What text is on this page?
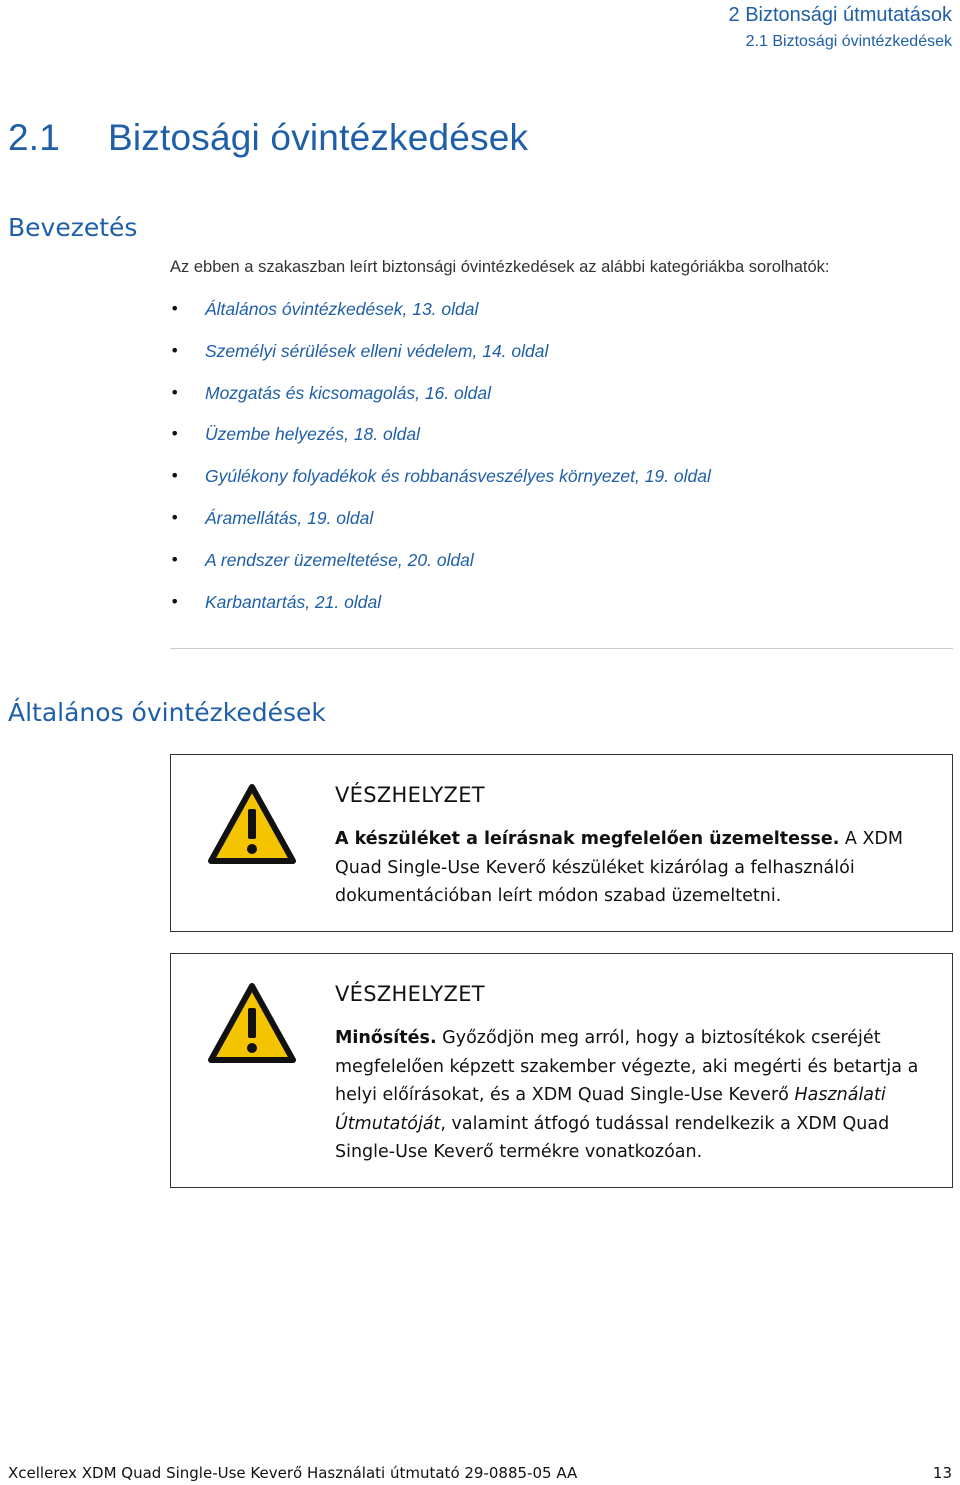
2 Biztonsági útmutatások
2.1 Biztosági óvintézkedések
2.1 Biztosági óvintézkedések
Bevezetés
Az ebben a szakaszban leírt biztonsági óvintézkedések az alábbi kategóriákba sorolhatók:
•	Általános óvintézkedések, 13. oldal
•	Személyi sérülések elleni védelem, 14. oldal
•	Mozgatás és kicsomagolás, 16. oldal
•	Üzembe helyezés, 18. oldal
•	Gyúlékony folyadékok és robbanásveszélyes környezet, 19. oldal
•	Áramellátás, 19. oldal
•	A rendszer üzemeltetése, 20. oldal
•	Karbantartás, 21. oldal
Általános óvintézkedések
VÉSZHELYZET
A készüléket a leírásnak megfelelően üzemeltesse. A XDM Quad Single-Use Keverő készüléket kizárólag a felhasználói dokumentációban leírt módon szabad üzemeltetni.
VÉSZHELYZET
Minősítés. Győződjön meg arról, hogy a biztosítékok cseréjét megfelelően képzett szakember végezte, aki megérti és betartja a helyi előírásokat, és a XDM Quad Single-Use Keverő Használati Útmutatóját, valamint átfogó tudással rendelkezik a XDM Quad Single-Use Keverő termékre vonatkozóan.
Xcellerex XDM Quad Single-Use Keverő Használati útmutató 29-0885-05 AA	13
